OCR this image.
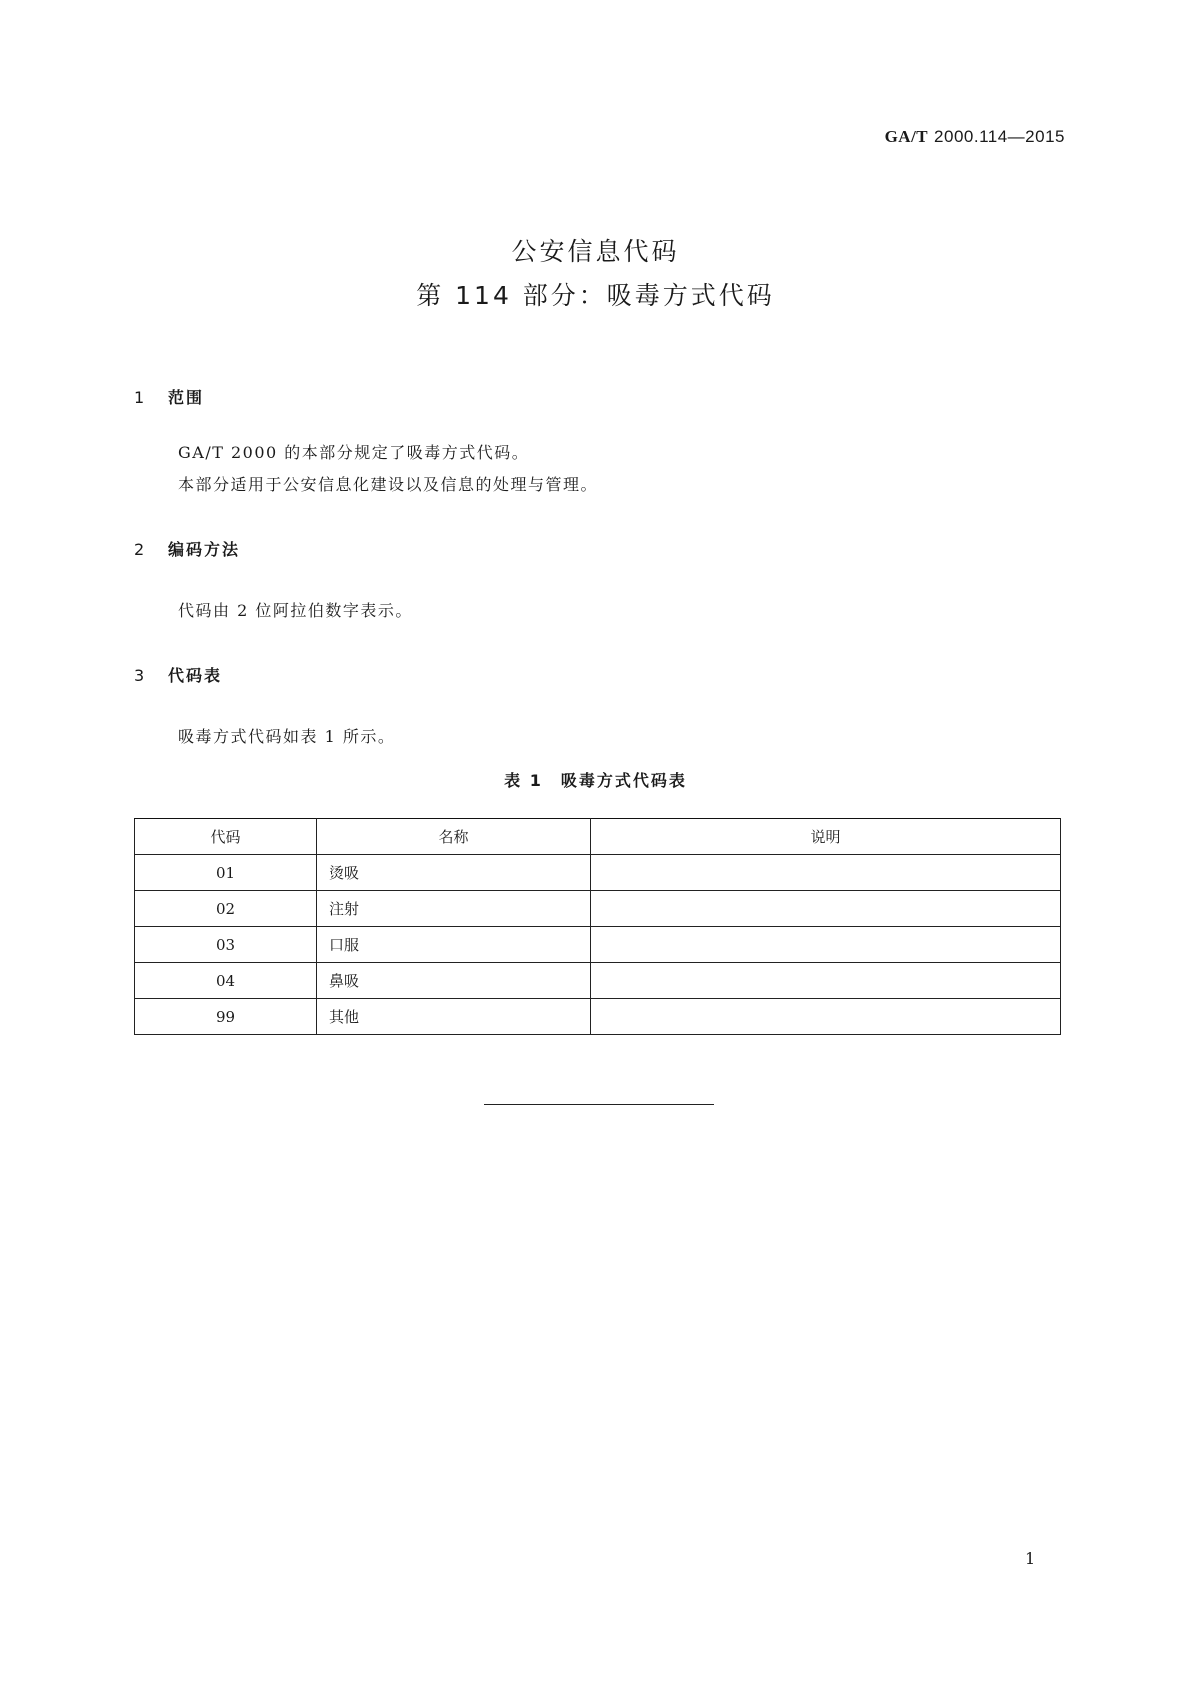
GA/T 2000.114—2015
公安信息代码
第 114 部分：吸毒方式代码
1 范围
GA/T 2000 的本部分规定了吸毒方式代码。
本部分适用于公安信息化建设以及信息的处理与管理。
2 编码方法
代码由 2 位阿拉伯数字表示。
3 代码表
吸毒方式代码如表 1 所示。
表 1　吸毒方式代码表
代码	名称	说明
01	烫吸	
02	注射	
03	口服	
04	鼻吸	
99	其他	
1
